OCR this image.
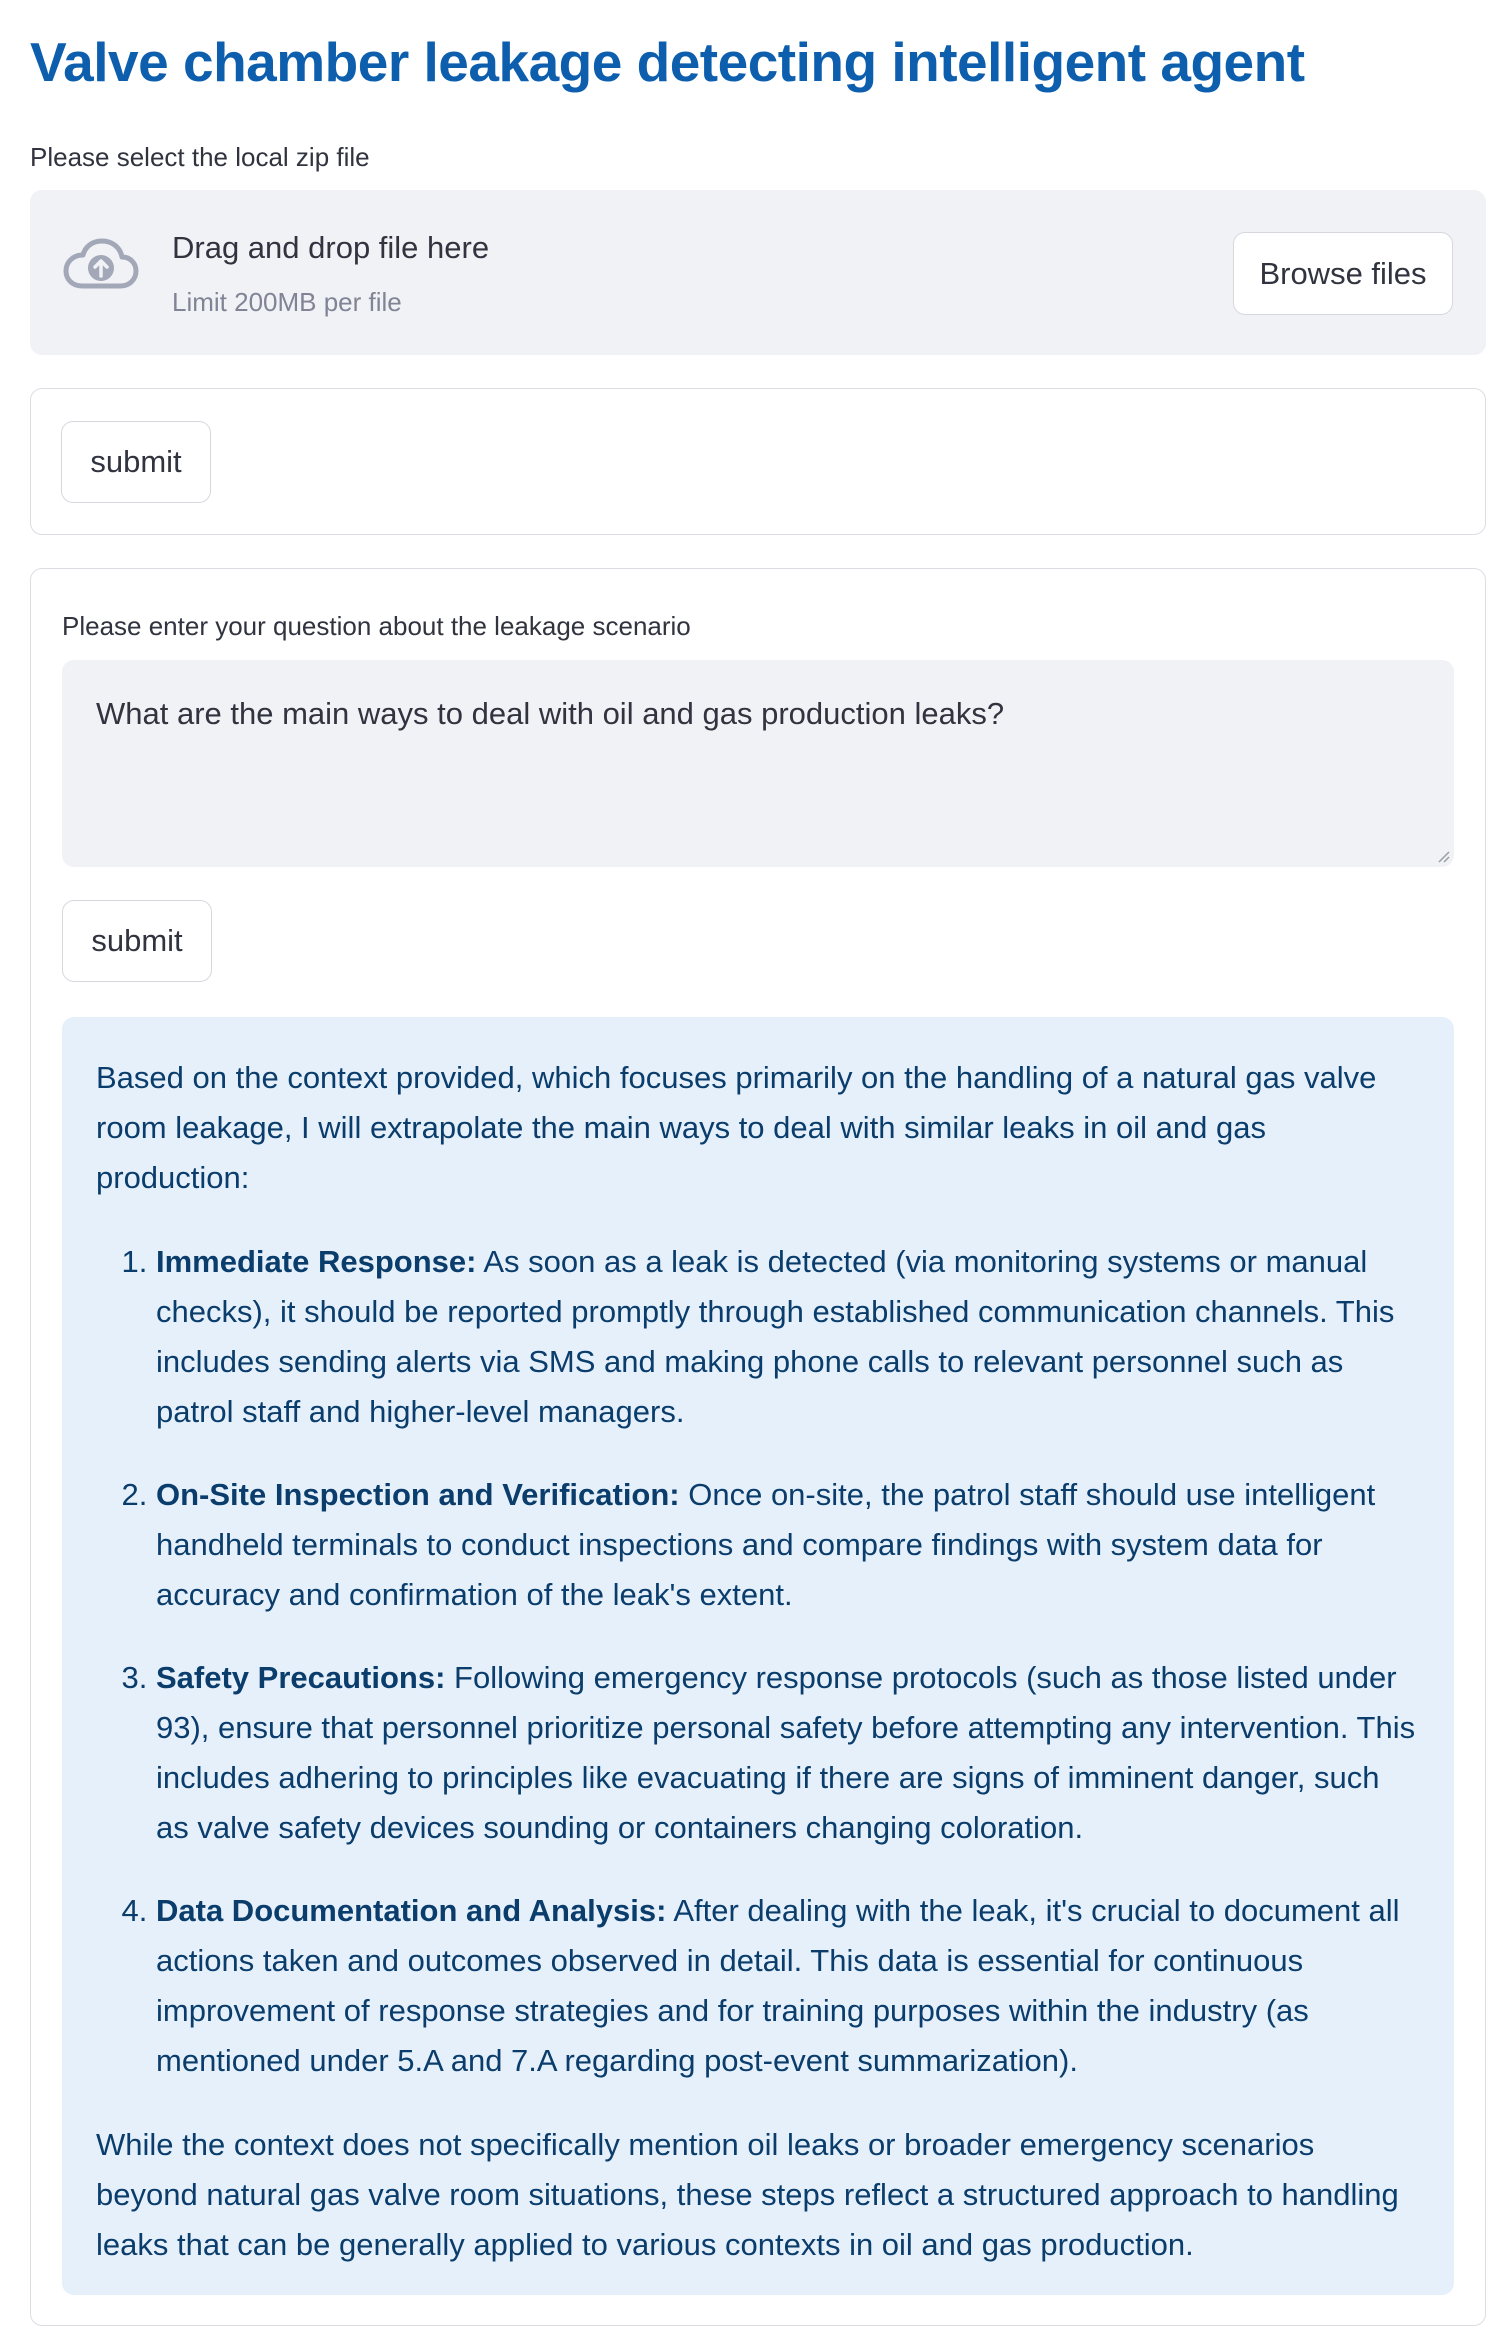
Valve chamber leakage detecting intelligent agent
Please select the local zip file
Drag and drop file here
Limit 200MB per file
Browse files
submit
Please enter your question about the leakage scenario
What are the main ways to deal with oil and gas production leaks?
submit

Based on the context provided, which focuses primarily on the handling of a natural gas valve room leakage, I will extrapolate the main ways to deal with similar leaks in oil and gas production:

1. Immediate Response: As soon as a leak is detected (via monitoring systems or manual checks), it should be reported promptly through established communication channels. This includes sending alerts via SMS and making phone calls to relevant personnel such as patrol staff and higher-level managers.
2. On-Site Inspection and Verification: Once on-site, the patrol staff should use intelligent handheld terminals to conduct inspections and compare findings with system data for accuracy and confirmation of the leak's extent.
3. Safety Precautions: Following emergency response protocols (such as those listed under 93), ensure that personnel prioritize personal safety before attempting any intervention. This includes adhering to principles like evacuating if there are signs of imminent danger, such as valve safety devices sounding or containers changing coloration.
4. Data Documentation and Analysis: After dealing with the leak, it's crucial to document all actions taken and outcomes observed in detail. This data is essential for continuous improvement of response strategies and for training purposes within the industry (as mentioned under 5.A and 7.A regarding post-event summarization).

While the context does not specifically mention oil leaks or broader emergency scenarios beyond natural gas valve room situations, these steps reflect a structured approach to handling leaks that can be generally applied to various contexts in oil and gas production.
